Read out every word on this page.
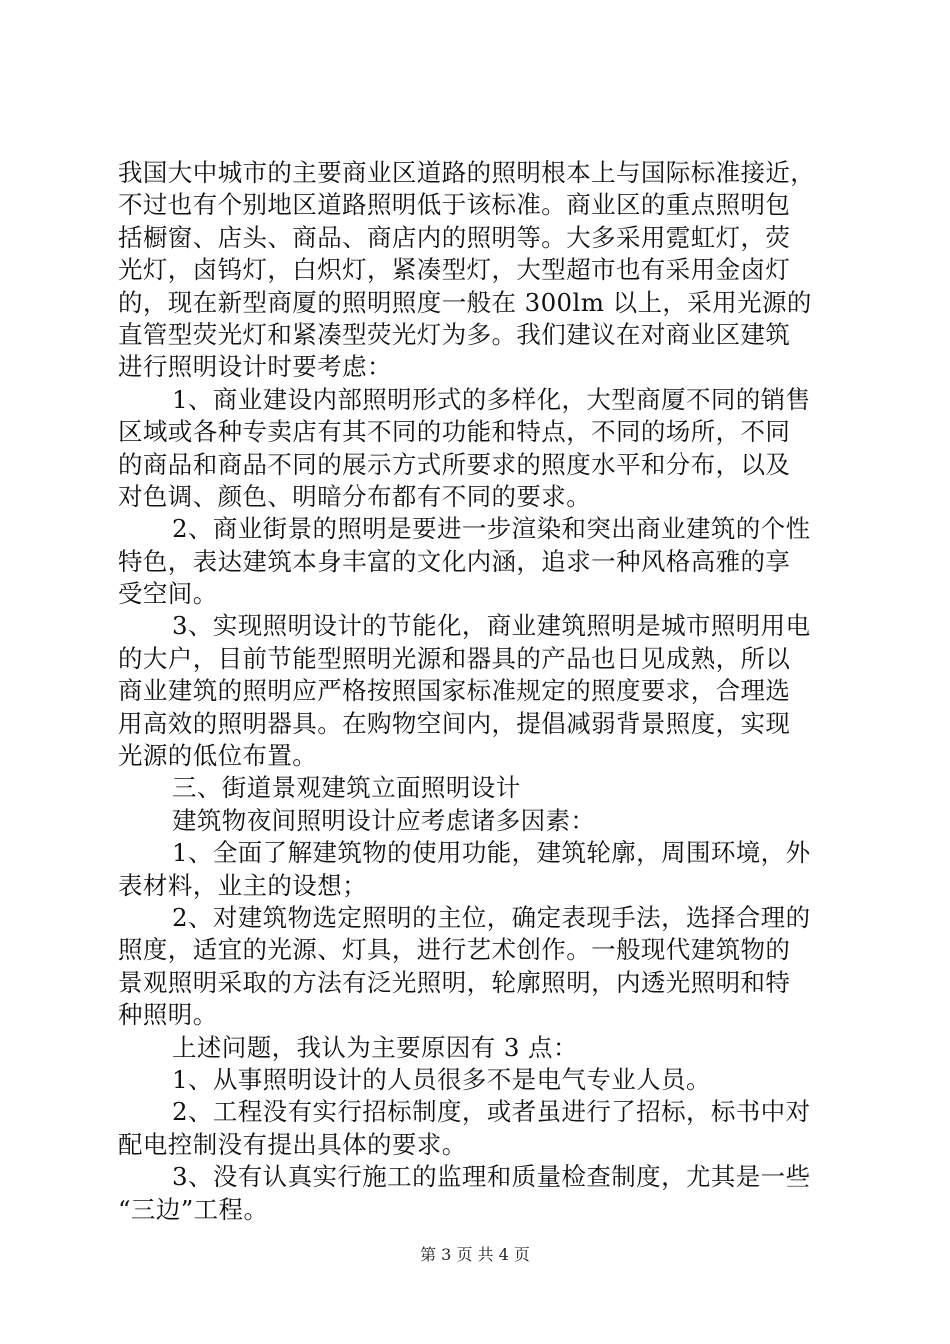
我国大中城市的主要商业区道路的照明根本上与国际标准接近，
不过也有个别地区道路照明低于该标准。商业区的重点照明包
括橱窗、店头、商品、商店内的照明等。大多采用霓虹灯，荧
光灯，卤钨灯，白炽灯，紧凑型灯，大型超市也有采用金卤灯
的，现在新型商厦的照明照度一般在 300lm 以上，采用光源的
直管型荧光灯和紧凑型荧光灯为多。我们建议在对商业区建筑
进行照明设计时要考虑：
1、商业建设内部照明形式的多样化，大型商厦不同的销售
区域或各种专卖店有其不同的功能和特点，不同的场所，不同
的商品和商品不同的展示方式所要求的照度水平和分布，以及
对色调、颜色、明暗分布都有不同的要求。
2、商业街景的照明是要进一步渲染和突出商业建筑的个性
特色，表达建筑本身丰富的文化内涵，追求一种风格高雅的享
受空间。
3、实现照明设计的节能化，商业建筑照明是城市照明用电
的大户，目前节能型照明光源和器具的产品也日见成熟，所以
商业建筑的照明应严格按照国家标准规定的照度要求，合理选
用高效的照明器具。在购物空间内，提倡减弱背景照度，实现
光源的低位布置。
三、街道景观建筑立面照明设计
建筑物夜间照明设计应考虑诸多因素：
1、全面了解建筑物的使用功能，建筑轮廓，周围环境，外
表材料，业主的设想；
2、对建筑物选定照明的主位，确定表现手法，选择合理的
照度，适宜的光源、灯具，进行艺术创作。一般现代建筑物的
景观照明采取的方法有泛光照明，轮廓照明，内透光照明和特
种照明。
上述问题，我认为主要原因有 3 点：
1、从事照明设计的人员很多不是电气专业人员。
2、工程没有实行招标制度，或者虽进行了招标，标书中对
配电控制没有提出具体的要求。
3、没有认真实行施工的监理和质量检查制度，尤其是一些
“三边”工程。
第 3 页 共 4 页
